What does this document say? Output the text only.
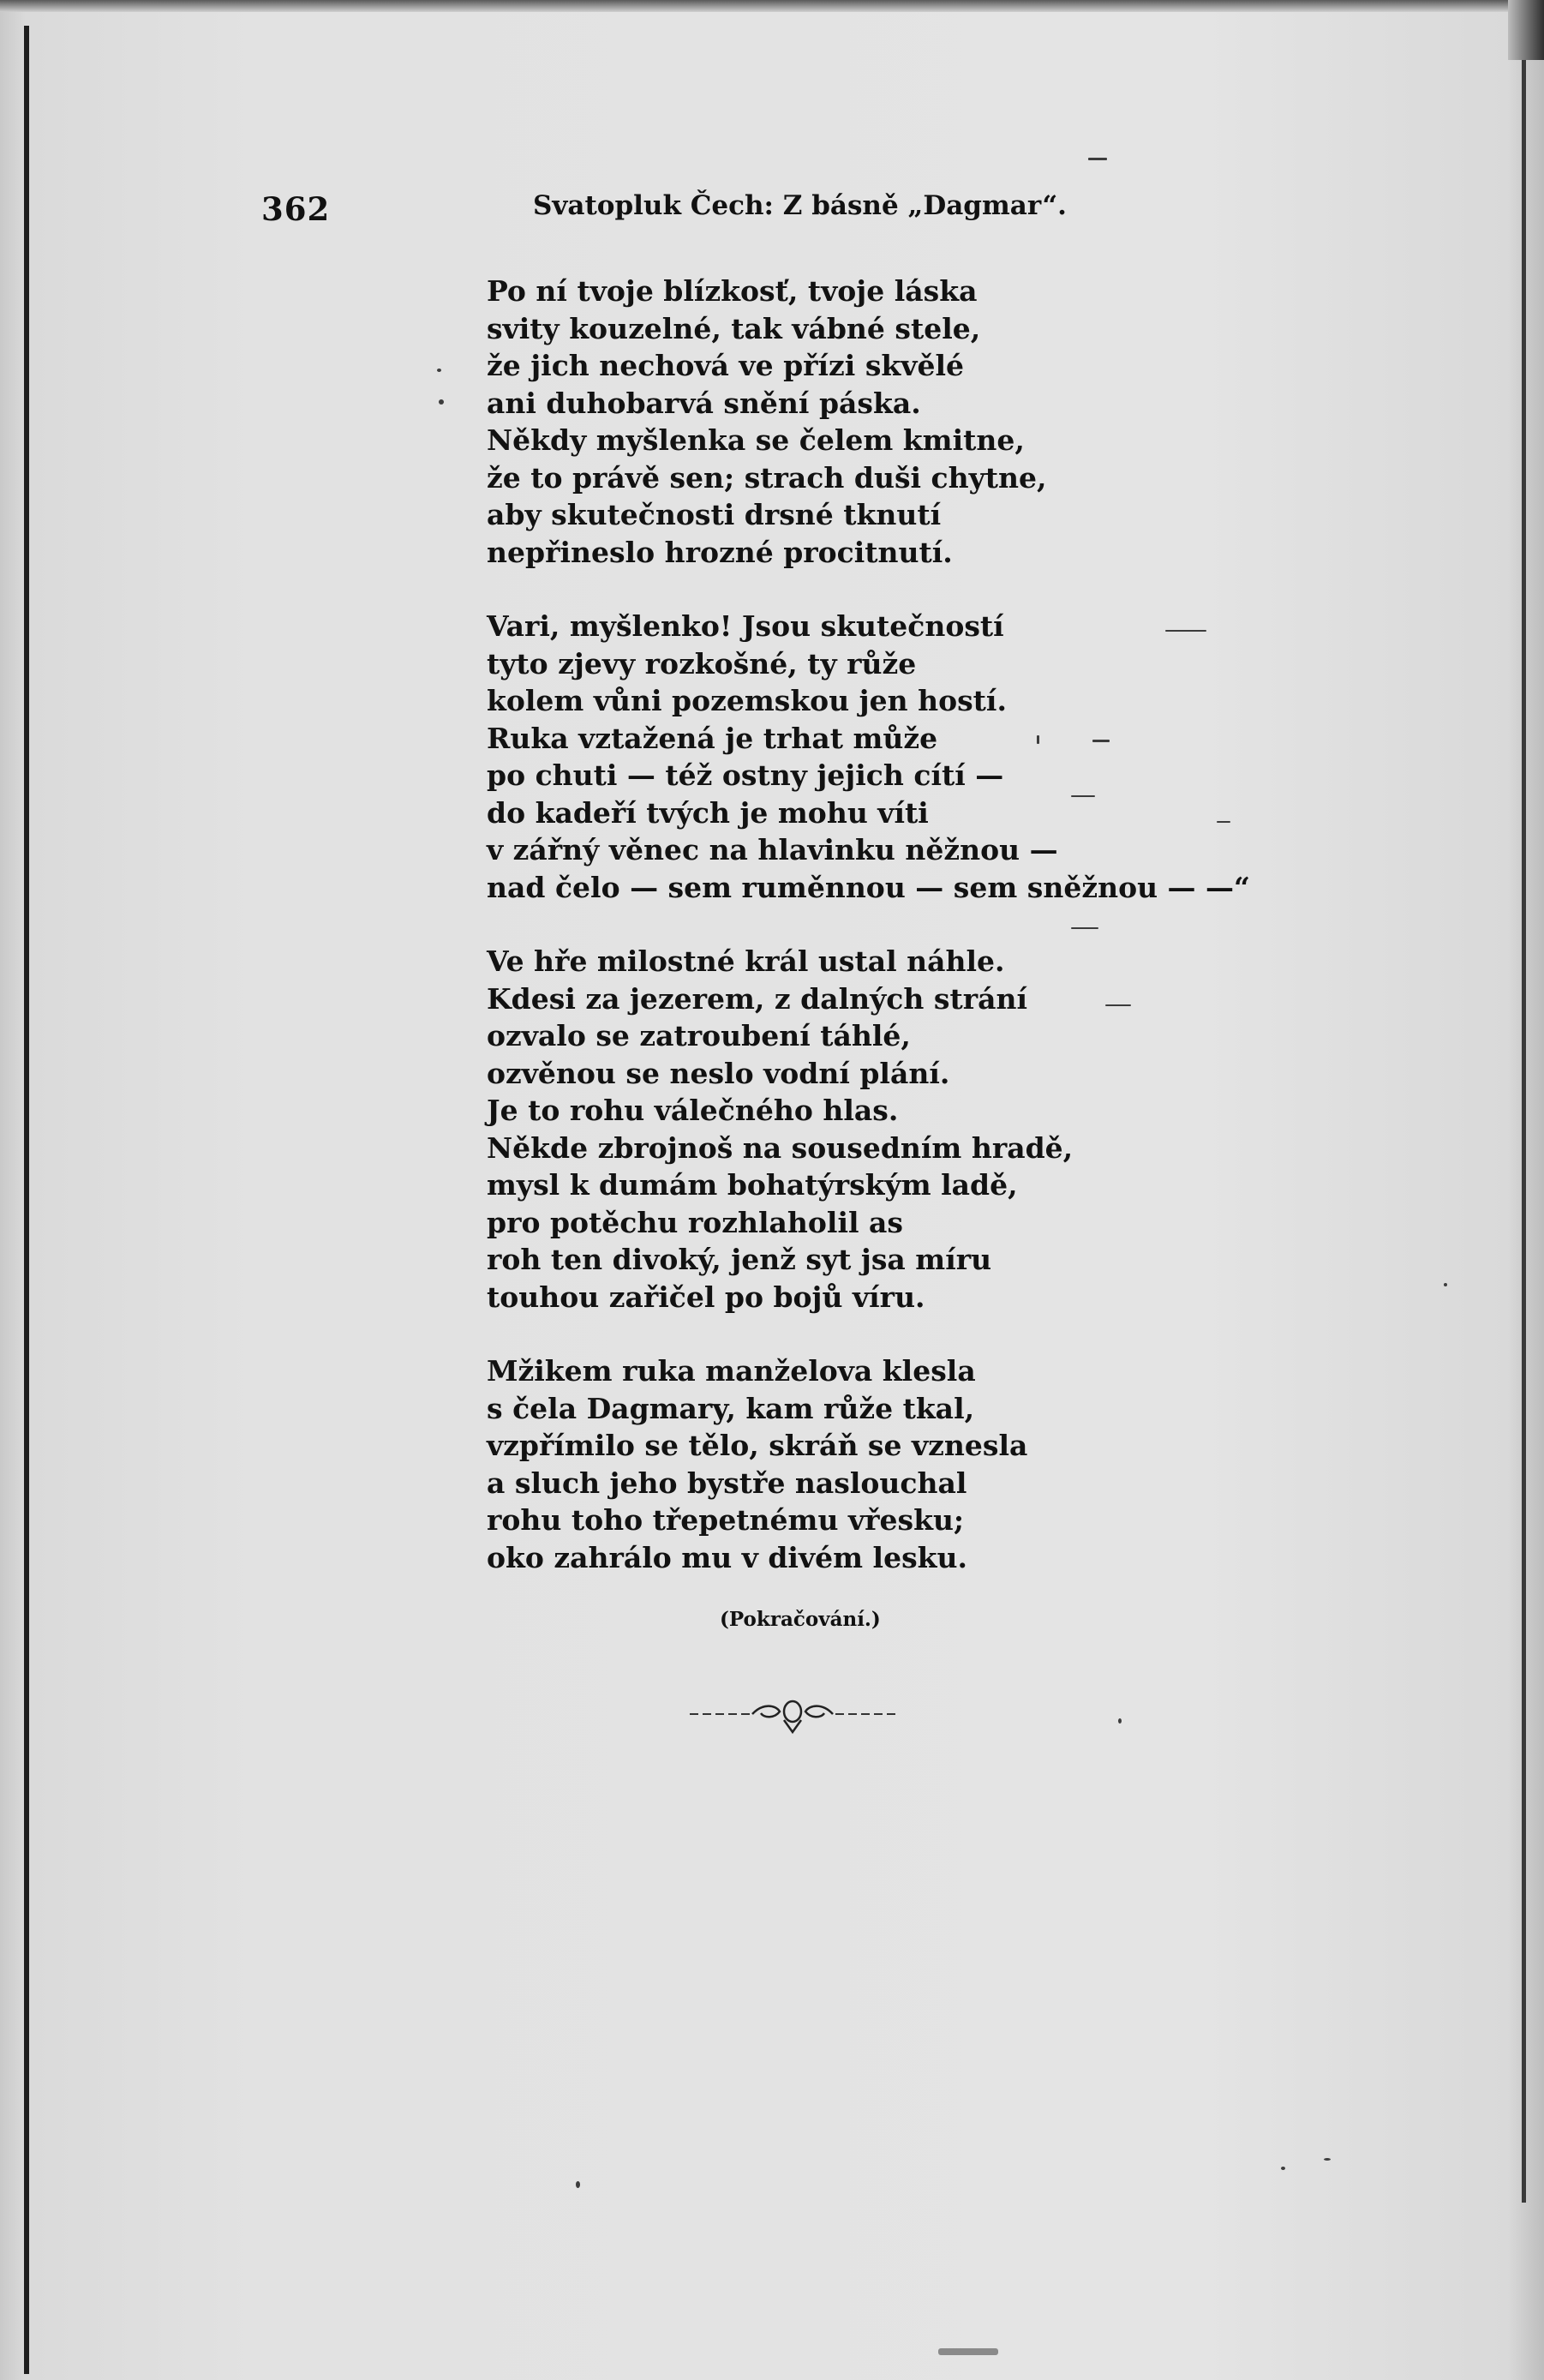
362	Svatopluk Čech: Z básně „Dagmar“.
Po ní tvoje blízkosť, tvoje láska
svity kouzelné, tak vábné stele,
že jich nechová ve přízi skvělé
ani duhobarvá snění páska.
Někdy myšlenka se čelem kmitne,
že to právě sen; strach duši chytne,
aby skutečnosti drsné tknutí
nepřineslo hrozné procitnutí.
Vari, myšlenko! Jsou skutečností
tyto zjevy rozkošné, ty růže
kolem vůni pozemskou jen hostí.
Ruka vztažená je trhat může
po chuti — též ostny jejich cítí —
do kadeří tvých je mohu víti
v zářný věnec na hlavinku něžnou —
nad čelo — sem ruměnnou — sem sněžnou — —“
Ve hře milostné král ustal náhle.
Kdesi za jezerem, z dalných strání
ozvalo se zatroubení táhlé,
ozvěnou se neslo vodní plání.
Je to rohu válečného hlas.
Někde zbrojnoš na sousedním hradě,
mysl k dumám bohatýrským ladě,
pro potěchu rozhlaholil as
roh ten divoký, jenž syt jsa míru
touhou zařičel po bojů víru.
Mžikem ruka manželova klesla
s čela Dagmary, kam růže tkal,
vzpřímilo se tělo, skráň se vznesla
a sluch jeho bystře naslouchal
rohu toho třepetnému vřesku;
oko zahrálo mu v divém lesku.
(Pokračování.)
